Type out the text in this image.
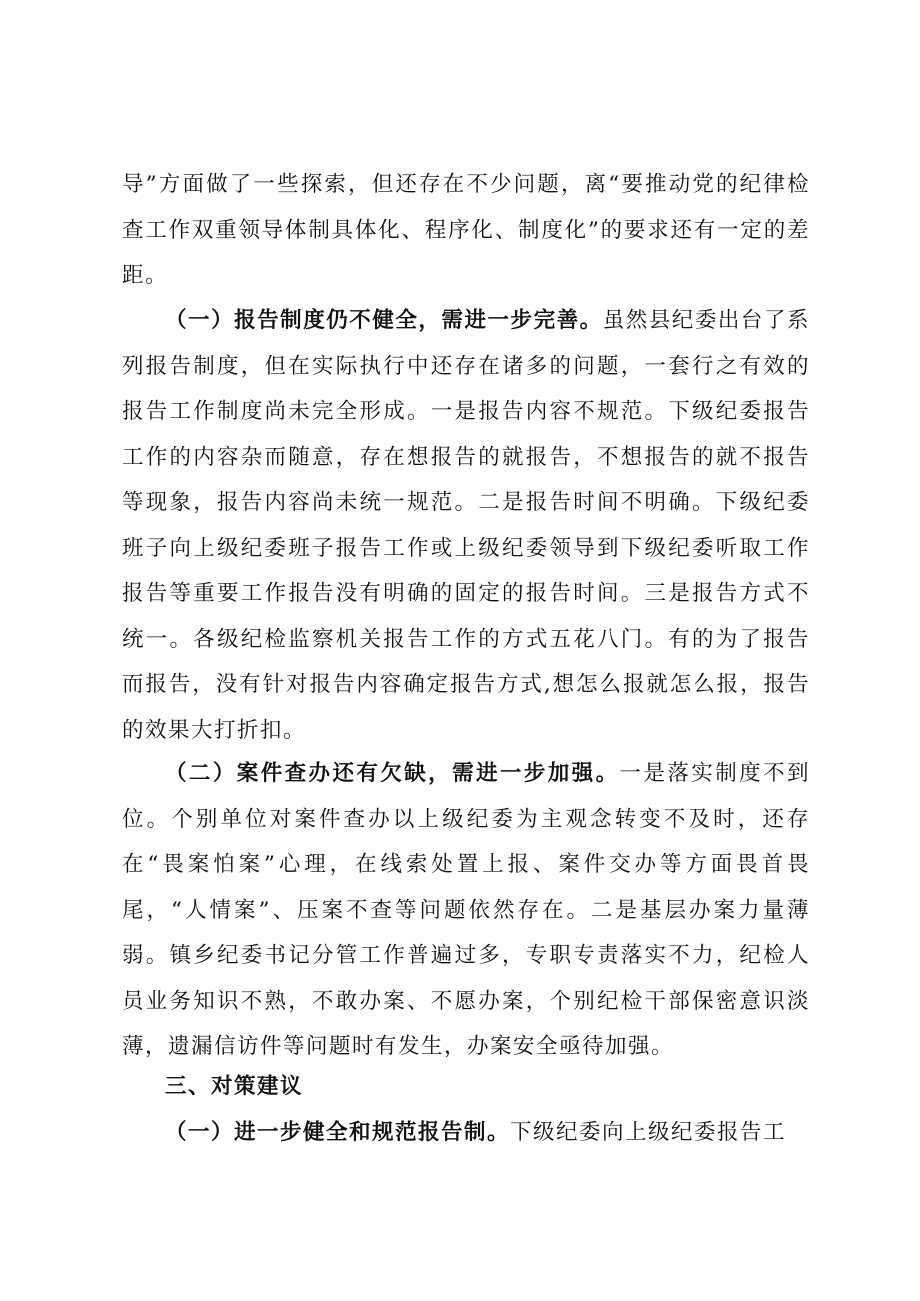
导”方面做了一些探索，但还存在不少问题，离“要推动党的纪律检查工作双重领导体制具体化、程序化、制度化”的要求还有一定的差距。

（一）报告制度仍不健全，需进一步完善。虽然县纪委出台了系列报告制度，但在实际执行中还存在诸多的问题，一套行之有效的报告工作制度尚未完全形成。一是报告内容不规范。下级纪委报告工作的内容杂而随意，存在想报告的就报告，不想报告的就不报告等现象，报告内容尚未统一规范。二是报告时间不明确。下级纪委班子向上级纪委班子报告工作或上级纪委领导到下级纪委听取工作报告等重要工作报告没有明确的固定的报告时间。三是报告方式不统一。各级纪检监察机关报告工作的方式五花八门。有的为了报告而报告，没有针对报告内容确定报告方式,想怎么报就怎么报，报告的效果大打折扣。

（二）案件查办还有欠缺，需进一步加强。一是落实制度不到位。个别单位对案件查办以上级纪委为主观念转变不及时，还存在“畏案怕案”心理，在线索处置上报、案件交办等方面畏首畏尾，“人情案”、压案不查等问题依然存在。二是基层办案力量薄弱。镇乡纪委书记分管工作普遍过多，专职专责落实不力，纪检人员业务知识不熟，不敢办案、不愿办案，个别纪检干部保密意识淡薄，遗漏信访件等问题时有发生，办案安全亟待加强。

三、对策建议

（一）进一步健全和规范报告制。下级纪委向上级纪委报告工
